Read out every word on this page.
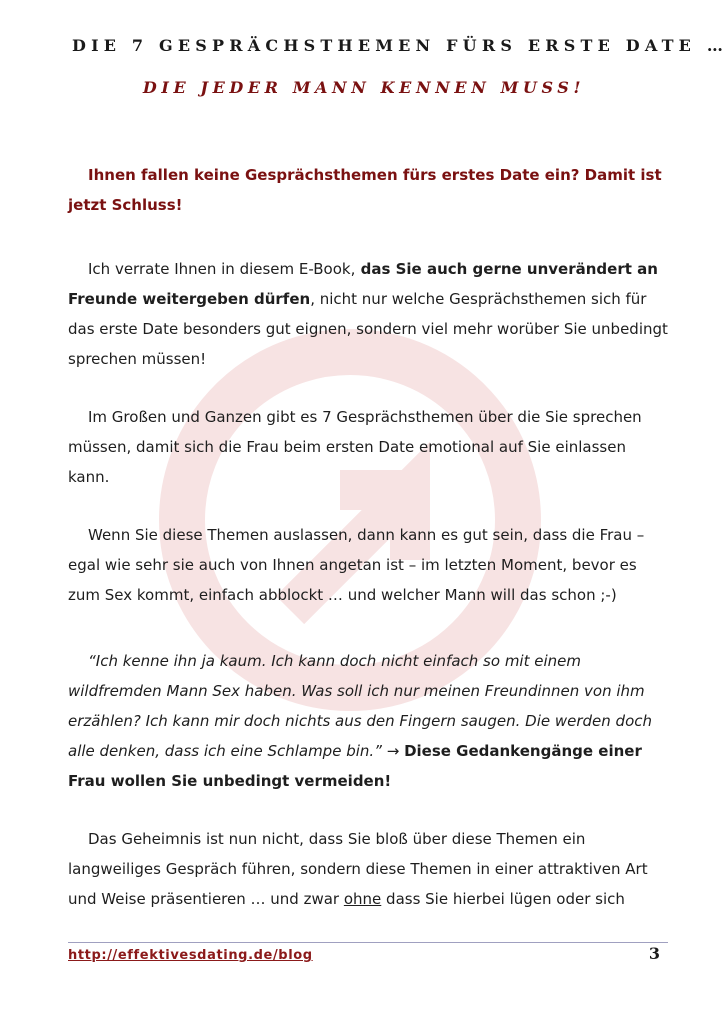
DIE 7 GESPRÄCHSTHEMEN FÜRS ERSTE DATE …
DIE JEDER MANN KENNEN MUSS!

Ihnen fallen keine Gesprächsthemen fürs erstes Date ein? Damit ist jetzt Schluss!

Ich verrate Ihnen in diesem E-Book, das Sie auch gerne unverändert an Freunde weitergeben dürfen, nicht nur welche Gesprächsthemen sich für das erste Date besonders gut eignen, sondern viel mehr worüber Sie unbedingt sprechen müssen!

Im Großen und Ganzen gibt es 7 Gesprächsthemen über die Sie sprechen müssen, damit sich die Frau beim ersten Date emotional auf Sie einlassen kann.

Wenn Sie diese Themen auslassen, dann kann es gut sein, dass die Frau – egal wie sehr sie auch von Ihnen angetan ist – im letzten Moment, bevor es zum Sex kommt, einfach abblockt … und welcher Mann will das schon ;-)

“Ich kenne ihn ja kaum. Ich kann doch nicht einfach so mit einem wildfremden Mann Sex haben. Was soll ich nur meinen Freundinnen von ihm erzählen? Ich kann mir doch nichts aus den Fingern saugen. Die werden doch alle denken, dass ich eine Schlampe bin.” → Diese Gedankengänge einer Frau wollen Sie unbedingt vermeiden!

Das Geheimnis ist nun nicht, dass Sie bloß über diese Themen ein langweiliges Gespräch führen, sondern diese Themen in einer attraktiven Art und Weise präsentieren … und zwar ohne dass Sie hierbei lügen oder sich

http://effektivesdating.de/blog	3
